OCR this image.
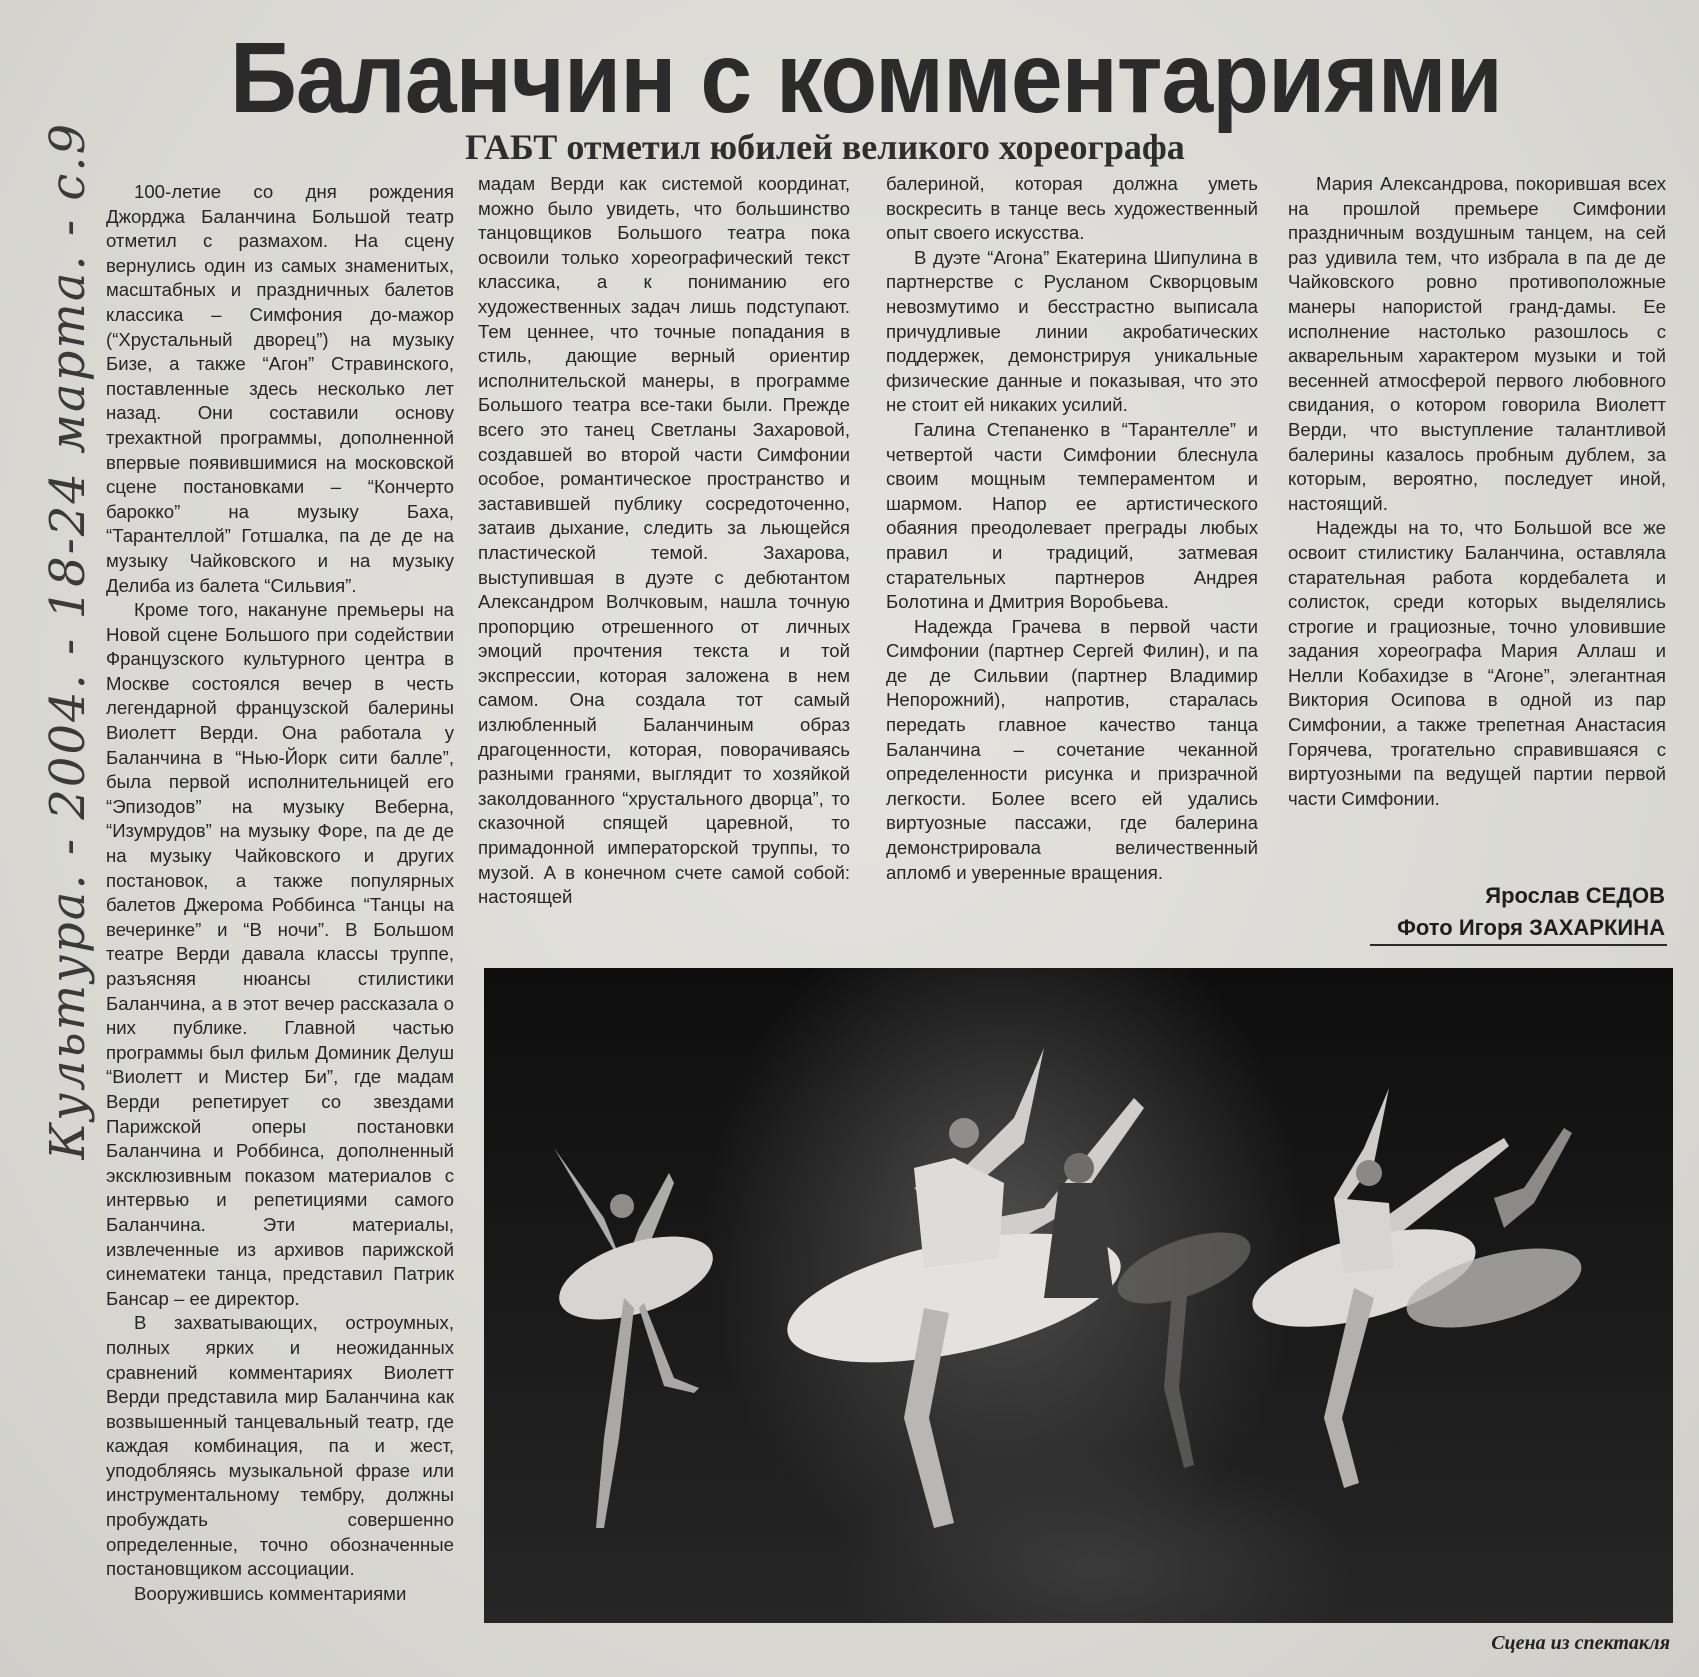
Баланчин с комментариями
ГАБТ отметил юбилей великого хореографа
Культура. - 2004. - 18-24 марта. - с.9	100-летие со дня рождения Джорджа Баланчина Большой театр отметил с размахом. На сцену вернулись один из самых знаменитых, масштабных и праздничных балетов классика – Симфония до-мажор (“Хрустальный дворец”) на музыку Бизе, а также “Агон” Стравинского, поставленные здесь несколько лет назад. Они составили основу трехактной программы, дополненной впервые появившимися на московской сцене постановками – “Кончерто барокко” на музыку Баха, “Тарантеллой” Готшалка, па де де на музыку Чайковского и на музыку Делиба из балета “Сильвия”.

Кроме того, накануне премьеры на Новой сцене Большого при содействии Французского культурного центра в Москве состоялся вечер в честь легендарной французской балерины Виолетт Верди. Она работала у Баланчина в “Нью-Йорк сити балле”, была первой исполнительницей его “Эпизодов” на музыку Веберна, “Изумрудов” на музыку Форе, па де де на музыку Чайковского и других постановок, а также популярных балетов Джерома Роббинса “Танцы на вечеринке” и “В ночи”. В Большом театре Верди давала классы труппе, разъясняя нюансы стилистики Баланчина, а в этот вечер рассказала о них публике. Главной частью программы был фильм Доминик Делуш “Виолетт и Мистер Би”, где мадам Верди репетирует со звездами Парижской оперы постановки Баланчина и Роббинса, дополненный эксклюзивным показом материалов с интервью и репетициями самого Баланчина. Эти материалы, извлеченные из архивов парижской синематеки танца, представил Патрик Бансар – ее директор.

В захватывающих, остроумных, полных ярких и неожиданных сравнений комментариях Виолетт Верди представила мир Баланчина как возвышенный танцевальный театр, где каждая комбинация, па и жест, уподобляясь музыкальной фразе или инструментальному тембру, должны пробуждать совершенно определенные, точно обозначенные постановщиком ассоциации.

Вооружившись комментариями

мадам Верди как системой координат, можно было увидеть, что большинство танцовщиков Большого театра пока освоили только хореографический текст классика, а к пониманию его художественных задач лишь подступают. Тем ценнее, что точные попадания в стиль, дающие верный ориентир исполнительской манеры, в программе Большого театра все-таки были. Прежде всего это танец Светланы Захаровой, создавшей во второй части Симфонии особое, романтическое пространство и заставившей публику сосредоточенно, затаив дыхание, следить за льющейся пластической темой. Захарова, выступившая в дуэте с дебютантом Александром Волчковым, нашла точную пропорцию отрешенного от личных эмоций прочтения текста и той экспрессии, которая заложена в нем самом. Она создала тот самый излюбленный Баланчиным образ драгоценности, которая, поворачиваясь разными гранями, выглядит то хозяйкой заколдованного “хрустального дворца”, то сказочной спящей царевной, то примадонной императорской труппы, то музой. А в конечном счете самой собой: настоящей

балериной, которая должна уметь воскресить в танце весь художественный опыт своего искусства.

В дуэте “Агона” Екатерина Шипулина в партнерстве с Русланом Скворцовым невозмутимо и бесстрастно выписала причудливые линии акробатических поддержек, демонстрируя уникальные физические данные и показывая, что это не стоит ей никаких усилий.

Галина Степаненко в “Тарантелле” и четвертой части Симфонии блеснула своим мощным темпераментом и шармом. Напор ее артистического обаяния преодолевает преграды любых правил и традиций, затмевая старательных партнеров Андрея Болотина и Дмитрия Воробьева.

Надежда Грачева в первой части Симфонии (партнер Сергей Филин), и па де де Сильвии (партнер Владимир Непорожний), напротив, старалась передать главное качество танца Баланчина – сочетание чеканной определенности рисунка и призрачной легкости. Более всего ей удались виртуозные пассажи, где балерина демонстрировала величественный апломб и уверенные вращения.

Мария Александрова, покорившая всех на прошлой премьере Симфонии праздничным воздушным танцем, на сей раз удивила тем, что избрала в па де де Чайковского ровно противоположные манеры напористой гранд-дамы. Ее исполнение настолько разошлось с акварельным характером музыки и той весенней атмосферой первого любовного свидания, о котором говорила Виолетт Верди, что выступление талантливой балерины казалось пробным дублем, за которым, вероятно, последует иной, настоящий.

Надежды на то, что Большой все же освоит стилистику Баланчина, оставляла старательная работа кордебалета и солисток, среди которых выделялись строгие и грациозные, точно уловившие задания хореографа Мария Аллаш и Нелли Кобахидзе в “Агоне”, элегантная Виктория Осипова в одной из пар Симфонии, а также трепетная Анастасия Горячева, трогательно справившаяся с виртуозными па ведущей партии первой части Симфонии.

Ярослав СЕДОВ
Фото Игоря ЗАХАРКИНА
Сцена из спектакля
